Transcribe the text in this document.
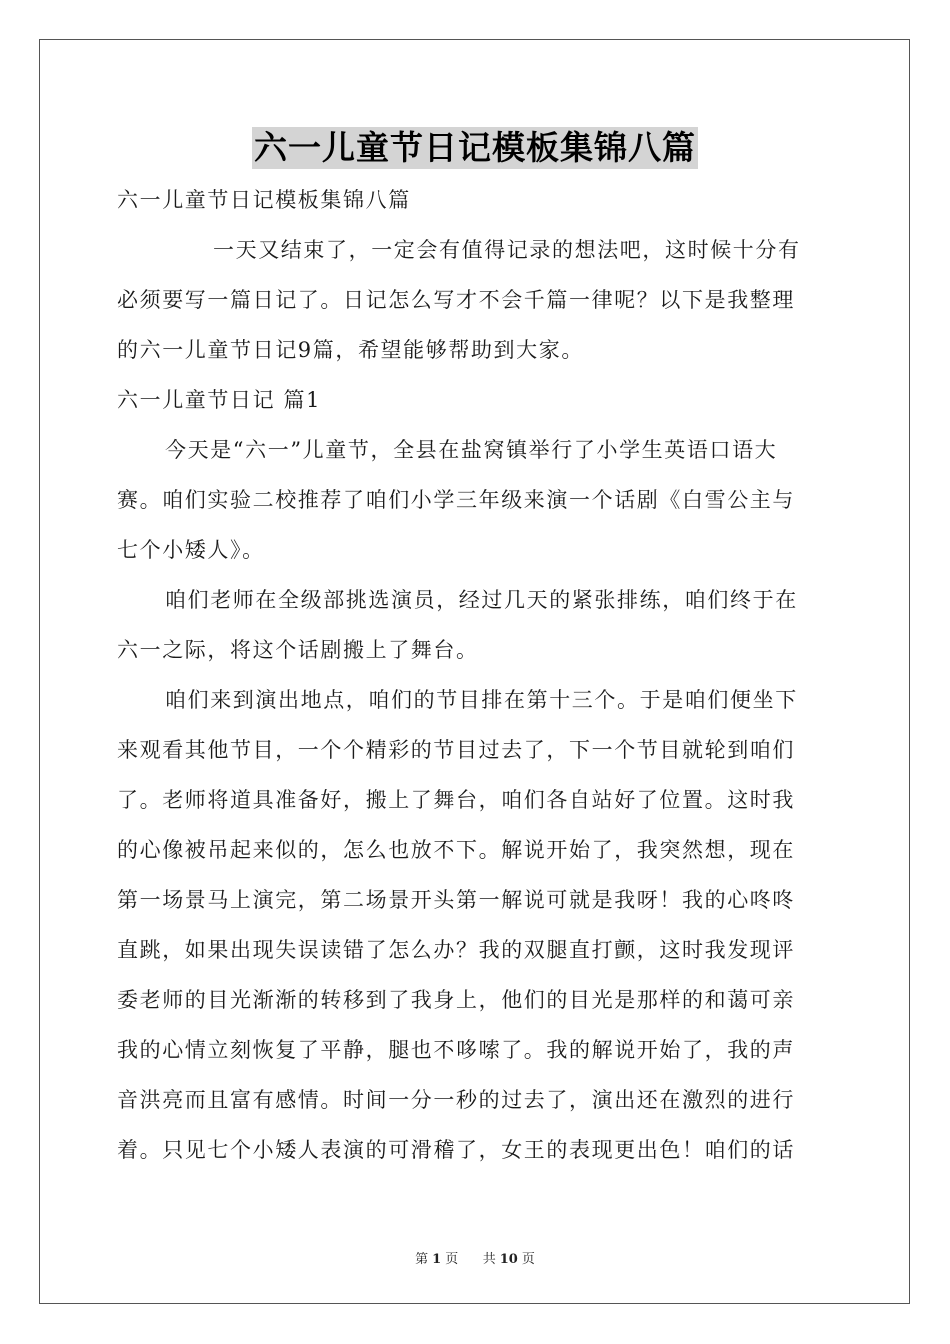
六一儿童节日记模板集锦八篇
六一儿童节日记模板集锦八篇
一天又结束了，一定会有值得记录的想法吧，这时候十分有
必须要写一篇日记了。日记怎么写才不会千篇一律呢？以下是我整理
的六一儿童节日记9篇，希望能够帮助到大家。
六一儿童节日记 篇1
今天是“六一”儿童节，全县在盐窝镇举行了小学生英语口语大
赛。咱们实验二校推荐了咱们小学三年级来演一个话剧《白雪公主与
七个小矮人》。
咱们老师在全级部挑选演员，经过几天的紧张排练，咱们终于在
六一之际，将这个话剧搬上了舞台。
咱们来到演出地点，咱们的节目排在第十三个。于是咱们便坐下
来观看其他节目，一个个精彩的节目过去了，下一个节目就轮到咱们
了。老师将道具准备好，搬上了舞台，咱们各自站好了位置。这时我
的心像被吊起来似的，怎么也放不下。解说开始了，我突然想，现在
第一场景马上演完，第二场景开头第一解说可就是我呀！我的心咚咚
直跳，如果出现失误读错了怎么办？我的双腿直打颤，这时我发现评
委老师的目光渐渐的转移到了我身上，他们的目光是那样的和蔼可亲
我的心情立刻恢复了平静，腿也不哆嗦了。我的解说开始了，我的声
音洪亮而且富有感情。时间一分一秒的过去了，演出还在激烈的进行
着。只见七个小矮人表演的可滑稽了，女王的表现更出色！咱们的话
第 1 页 共 10 页
